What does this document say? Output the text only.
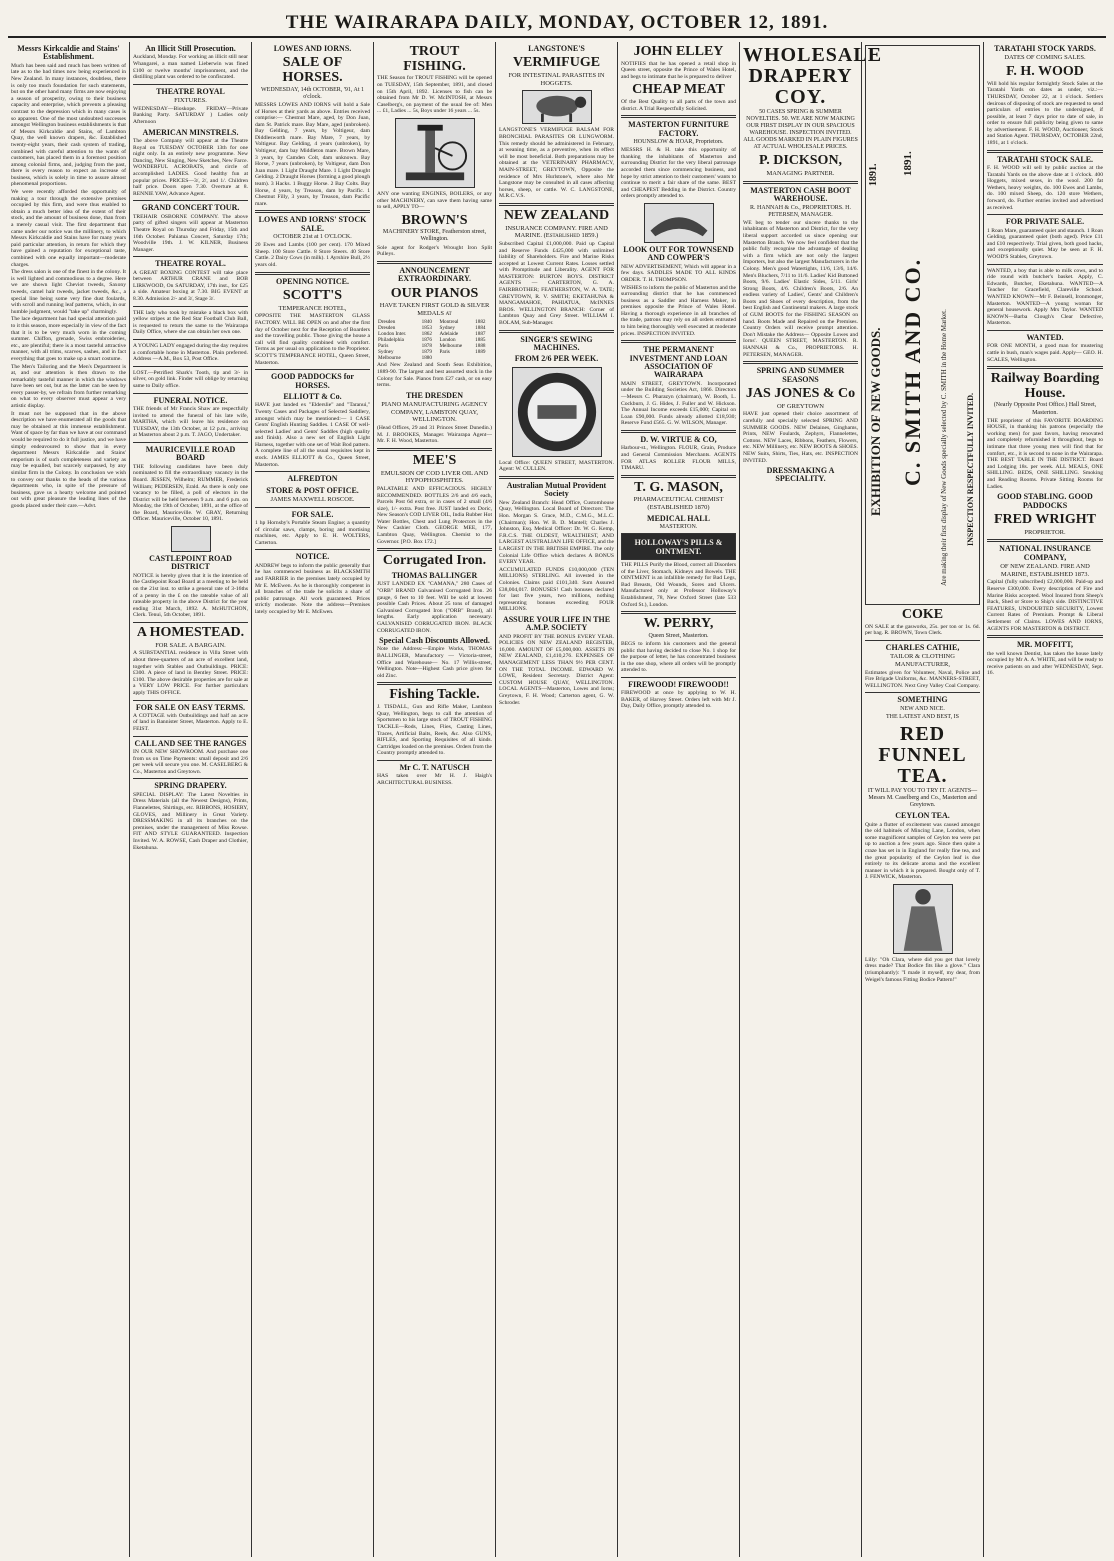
THE WAIRARAPA DAILY, MONDAY, OCTOBER 12, 1891.
Messrs Kirkcaldie and Stains' Establishment.

Much has been said and much has been written of late as to the bad times now being experienced in New Zealand. In many instances, doubtless, there is only too much foundation for such statements, but on the other hand many firms are now enjoying a season of prosperity, owing to their business capacity and enterprise, which prevents a pleasing contrast to the depression which in many cases is so apparent. One of the most undoubted successes amongst Wellington business establishments is that of Messrs Kirkcaldie and Stains, of Lambton Quay, the well known drapers, &c. Established twenty-eight years, their cash system of trading, combined with careful attention to the wants of customers, has placed them in a foremost position among colonial firms, and, judging from the past, there is every reason to expect an increase of business, which is solely in time to assure almost phenomenal proportions.

We were recently afforded the opportunity of making a tour through the extensive premises occupied by this firm, and were thus enabled to obtain a much better idea of the extent of their stock, and the amount of business done, than from a merely casual visit. The first department that came under our notice was the millinery, to which Messrs Kirkcaldie and Stains have for many years paid particular attention, in return for which they have gained a reputation for exceptional taste, combined with one equally important—moderate charges.

The dress salon is one of the finest in the colony. It is well lighted and commodious to a degree. Here we are shown light Cheviot tweeds, Saxony tweeds, camel hair tweeds, jacket tweeds, &c., a special line being some very fine dust foulards, with scroll and running leaf patterns, which, in our humble judgment, would "take up" charmingly.

The lace department has had special attention paid to it this season, more especially in view of the fact that it is to be very much worn in the coming summer. Chiffon, grenade, Swiss embroideries, etc., are plentiful; there is a most tasteful attractive manner, with all trims, scarves, sashes, and in fact everything that goes to make up a smart costume.

The Men's Tailoring and the Men's Department is at, and our attention is then drawn to the remarkably tasteful manner in which the windows have been set out, but as the latter can be seen by every passer-by, we refrain from further remarking on what to every observer must appear a very artistic display.

It must not be supposed that in the above description we have enumerated all the goods that may be obtained at this immense establishment. Want of space by far than we have at our command would be required to do it full justice, and we have simply endeavoured to show that in every department Messrs Kirkcaldie and Stains' emporium is of such completeness and variety as may be equalled, but scarcely surpassed, by any similar firm in the Colony. In conclusion we wish to convey our thanks to the heads of the various departments who, in spite of the pressure of business, gave us a hearty welcome and pointed out with great pleasure the leading lines of the goods placed under their care.—Advt.

An Illicit Still Prosecution.

Auckland, Monday. For working an illicit still near Whangarei, a man named Lieberwin was fined £100 or twelve months' imprisonment, and the distilling plant was ordered to be confiscated.

THEATRE ROYAL
FIXTURES.

WEDNESDAY—Bioskope. FRIDAY—Private Banking Party. SATURDAY } Ladies only Afternoon

AMERICAN MINSTRELS.

The above Company will appear at the Theatre Royal on TUESDAY OCTOBER 13th for one night only. In an entirely new programme. New Dancing, New Singing, New Sketches, New Farce. WONDERFUL ACROBATS, and circle of accomplished LADIES. Good healthy fun at popular prices. PRICES—3/, 2/, and 1/. Children half price. Doors open 7.30. Overture at 8. RENNIE YAW, Advance Agent.

GRAND CONCERT TOUR.

TREHAIR OSBORNE COMPANY. The above party of gifted singers will appear at Masterton Theatre Royal on Thursday and Friday, 15th and 16th October. Pahiatua Concert, Saturday 17th; Woodville 19th. J. W. KILNER, Business Manager.

THEATRE ROYAL.

A GREAT BOXING CONTEST will take place between ARTHUR CRANE and BOB LIRKWOOD, On SATURDAY, 17th inst., for £25 a side. Amateur boxing at 7.30. BIG EVENT at 8.30. Admission 2/- and 3/, Stage 3/.

THE lady who took by mistake a black box with yellow stripes at the Red Star Football Club Ball, is requested to return the same to the Wairarapa Daily Office, where she can obtain her own one.

A YOUNG LADY engaged during the day requires a comfortable home in Masterton. Plain preferred. Address —A.M., Box 53, Post Office.

LOST.—Petrified Shark's Tooth, tip and 3/- in silver, on gold link. Finder will oblige by returning same to Daily office.

FUNERAL NOTICE.

THE friends of Mr Francis Shaw are respectfully invited to attend the funeral of his late wife, MARTHA, which will leave his residence on TUESDAY, the 13th October, at 12 p.m., arriving at Masterton about 2 p.m. T. JAGO, Undertaker.

MAURICEVILLE ROAD BOARD

THE following candidates have been duly nominated to fill the extraordinary vacancy in the Board. JESSEN, Wilhelm; RUMMER, Frederick William; PEDERSEN, Erald. As there is only one vacancy to be filled, a poll of electors in the District will be held between 9 a.m. and 6 p.m. on Monday, the 19th of October, 1891, at the office of the Board, Mauriceville. W. GRAY, Returning Officer. Mauriceville, October 10, 1891.

CASTLEPOINT ROAD DISTRICT

NOTICE is hereby given that it is the intention of the Castlepoint Road Board at a meeting to be held on the 21st inst. to strike a general rate of 3-16ths of a penny in the £ on the rateable value of all rateable property in the above District for the year ending 31st March, 1892. A. McHUTCHON, Clerk. Tenui, 5th October, 1891.

A HOMESTEAD.
FOR SALE. A BARGAIN.

A SUBSTANTIAL residence in Villa Street with about three-quarters of an acre of excellent land, together with Stables and Outbuildings. PRICE: £300. A piece of land in Bentley Street. PRICE: £100. The above desirable properties are for sale at a VERY LOW PRICE. For further particulars apply THIS OFFICE.

FOR SALE ON EASY TERMS.

A COTTAGE with Outbuildings and half an acre of land in Bannister Street, Masterton. Apply to E. FEIST.

CALL AND SEE THE RANGES

IN OUR NEW SHOWROOM. And purchase one from us on Time Payments: small deposit and 2/6 per week will secure you one. M. CASELBERG & Co., Masterton and Greytown.

SPRING DRAPERY.

SPECIAL DISPLAY: The Latest Novelties in Dress Materials (all the Newest Designs), Prints, Flannelettes, Shirtings, etc. RIBBONS, HOSIERY, GLOVES, and Millinery in Great Variety. DRESSMAKING in all its branches on the premises, under the management of Miss Rowse. FIT AND STYLE GUARANTEED. Inspection Invited. W. A. ROWSE, Cash Draper and Clothier, Eketahuna.

LOWES AND IORNS.
SALE OF HORSES.
WEDNESDAY, 14th OCTOBER, '91, At 1 o'clock.

MESSRS LOWES AND IORNS will hold a Sale of Horses at their yards as above. Entries received comprise:— Chestnut Mare, aged, by Don Juan, dam St. Patrick mare. Bay Mare, aged (unbroken). Bay Gelding, 7 years, by Voltigeur, dam Diddlesworth mare. Bay Mare, 7 years, by Voltigeur. Bay Gelding, 4 years (unbroken), by Voltigeur, dam bay Middleton mare. Brown Mare, 3 years, by Camden Colt, dam unknown. Bay Horse, 7 years (unbroken), by Voltigeur, dam Don Juan mare. 1 Light Draught Mare. 1 Light Draught Gelding. 2 Draught Horses (forming a good plough team). 3 Hacks. 1 Buggy Horse. 2 Bay Colts. Bay Horse, 4 years, by Treason, dam by Pacific. 1 Chestnut Filly, 3 years, by Treason, dam Pacific mare.

LOWES AND IORNS' STOCK SALE.
OCTOBER 21st at 1 O'CLOCK.

20 Ewes and Lambs (100 per cent). 170 Mixed Sheep. 100 Store Cattle. 8 Store Steers. 40 Store Cattle. 2 Dairy Cows (in milk). 1 Ayrshire Bull, 2½ years old.

OPENING NOTICE.
SCOTT'S
TEMPERANCE HOTEL,

OPPOSITE THE MASTERTON GLASS FACTORY. WILL BE OPEN on and after the first day of October next for the Reception of Boarders and the travelling public. Those giving the house a call will find quality combined with comfort. Terms as per usual on application to the Proprietor. SCOTT'S TEMPERANCE HOTEL, Queen Street, Masterton.

GOOD PADDOCKS for HORSES.
ELLIOTT & Co.

HAVE just landed ex "Elderslie" and "Taranui," Twenty Cases and Packages of Selected Saddlery, amongst which may be mentioned:— 1 CASE Gents' English Hunting Saddles. 1 CASE Of well-selected Ladies' and Gents' Saddles (high quality and finish). Also a new set of English Light Harness, together with one set of Wait Bod pattern. A complete line of all the usual requisites kept in stock. JAMES ELLIOTT & Co., Queen Street, Masterton.

ALFREDTON
STORE & POST OFFICE.
JAMES MAXWELL ROSCOE.
FOR SALE.

1 hp Hornsby's Portable Steam Engine; a quantity of circular saws, clamps, boring and mortising machines, etc. Apply to E. H. WOLTERS, Carterton.

NOTICE.

ANDREW begs to inform the public generally that he has commenced business as BLACKSMITH and FARRIER in the premises lately occupied by Mr E. McEwen. As he is thoroughly competent in all branches of the trade he solicits a share of public patronage. All work guaranteed. Prices strictly moderate. Note the address—Premises lately occupied by Mr E. McEwen.

TROUT FISHING.

THE Season for TROUT FISHING will be opened on TUESDAY, 15th September, 1891, and closed on 15th April, 1892. Licenses to fish can be obtained from Mr D. W. McINTOSH, at Messrs Caselberg's, on payment of the usual fee of: Men ... £1, Ladies ... 5s, Boys under 16 years ... 5s.

ANY one wanting ENGINES, BOILERS, or any other MACHINERY, can save them having same to sell, APPLY TO—

BROWN'S
MACHINERY STORE, Featherston street, Wellington.

Sole agent for Rodger's Wrought Iron Split Pulleys.

ANNOUNCEMENT EXTRAORDINARY.
OUR PIANOS
HAVE TAKEN FIRST GOLD & SILVER MEDALS at
Dresden	1840	Montreal	1882
Dresden	1853	Sydney	1884
London Inter.	1862	Adelaide	1887
Philadelphia	1876	London	1885
Paris	1878	Melbourne	1888
Sydney	1879	Paris	1889
Melbourne	1880		

And New Zealand and South Seas Exhibition, 1889-90. The largest and best assorted stock in the Colony for Sale. Pianos from £27 cash, or on easy terms.

THE DRESDEN
PIANO MANUFACTURING AGENCY COMPANY, LAMBTON QUAY, WELLINGTON.

(Head Offices, 29 and 31 Princes Street Dunedin.) M. J. BROOKES, Manager. Wairarapa Agent—Mr. F. H. Wood, Masterton.

MEE'S
EMULSION OF COD LIVER OIL AND HYPOPHOSPHITES.

PALATABLE AND EFFICACIOUS. HIGHLY RECOMMENDED. BOTTLES 2/6 and 4/6 each, Parcels Post 6d extra, or in cases of 2 small (4/6 size), 1/- extra. Post free. JUST landed ex Doric, New Season's COD LIVER OIL, India Rubber Hot Water Bottles, Chest and Lung Protectors in the New Cashier Cloth. GEORGE MEE, 177, Lambton Quay, Wellington. Chemist to the Governor. [P.O. Box 172.]

Corrugated Iron.
THOMAS BALLINGER

JUST LANDED EX "CAMANA," 280 Cases of "ORB" BRAND Galvanised Corrugated Iron. 26 gauge, 6 feet to 10 feet. Will be sold at lowest possible Cash Prices. About 25 tons of damaged Galvanised Corrugated Iron ("ORB" Brand), all lengths. Early application necessary. GALVANISED CORRUGATED IRON. BLACK CORRUGATED IRON.

Special Cash Discounts Allowed.

Note the Address:—Empire Works, THOMAS BALLINGER, Manufactory — Victoria-street, Office and Warehouse— No. 17 Willis-street, Wellington. Note—Highest Cash price given for old Zinc.

Fishing Tackle.

J. TISDALL, Gun and Rifle Maker, Lambton Quay, Wellington, begs to call the attention of Sportsmen to his large stock of TROUT FISHING TACKLE—Rods, Lines, Flies, Casting Lines, Traces, Artificial Baits, Reels, &c. Also GUNS, RIFLES, and Sporting Requisites of all kinds. Cartridges loaded on the premises. Orders from the Country promptly attended to.

Mr C. T. NATUSCH

HAS taken over Mr H. J. Haigh's ARCHITECTURAL BUSINESS.

LANGSTONE'S
VERMIFUGE
FOR INTESTINAL PARASITES IN HOGGETS.

LANGSTONE'S VERMIFUGE BALSAM FOR BRONCHIAL PARASITES OR LUNGWORM. This remedy should be administered in February, at weaning time, as a preventive, when its effect will be most beneficial. Both preparations may be obtained at the VETERINARY PHARMACY, MAIN-STREET, GREYTOWN, Opposite the residence of Mrs Hurlstone's, where also Mr Langstone may be consulted in all cases affecting horses, sheep, or cattle. W. C. LANGSTONE, M.R.C.V.S.

NEW ZEALAND
INSURANCE COMPANY. FIRE AND MARINE. (Established 1859.)

Subscribed Capital £1,000,000. Paid up Capital and Reserve Funds £425,000 with unlimited liability of Shareholders. Fire and Marine Risks accepted at Lowest Current Rates. Losses settled with Promptitude and Liberality. AGENT FOR MASTERTON: BURTON BOYS. DISTRICT AGENTS — CARTERTON, G. A. FAIRBROTHER; FEATHERSTON, W. A. TATE; GREYTOWN, R. V. SMITH; EKETAHUNA & MANGAMAHOE, PAHIATUA, McINNES BROS. WELLINGTON BRANCH: Corner of Lambton Quay and Grey Street. WILLIAM I. BOLAM, Sub-Manager.

SINGER'S SEWING MACHINES.
FROM 2/6 PER WEEK.

Local Office: QUEEN STREET, MASTERTON. Agent: W. CULLEN.

Australian Mutual Provident Society

New Zealand Branch: Head Office, Customhouse Quay, Wellington. Local Board of Directors: The Hon. Morgan S. Grace, M.D., C.M.G., M.L.C. (Chairman); Hon. W. B. D. Mantell; Charles J. Johnston, Esq. Medical Officer: Dr. W. G. Kemp, F.R.C.S. THE OLDEST, WEALTHIEST, AND LARGEST AUSTRALIAN LIFE OFFICE, and the LARGEST IN THE BRITISH EMPIRE. The only Colonial Life Office which declares A BONUS EVERY YEAR.

ACCUMULATED FUNDS £10,000,000 (TEN MILLIONS) STERLING. All invested in the Colonies. Claims paid £101,340. Sum Assured £38,004,017. BONUSES! Cash bonuses declared for last five years, two millions, nothing representing bonuses exceeding FOUR MILLIONS.

ASSURE YOUR LIFE IN THE A.M.P. SOCIETY

AND PROFIT BY THE BONUS EVERY YEAR. POLICIES ON NEW ZEALAND REGISTER, 16,000. AMOUNT OF £5,000,000. ASSETS IN NEW ZEALAND, £1,410,276. EXPENSES OF MANAGEMENT LESS THAN 9½ PER CENT. ON THE TOTAL INCOME. EDWARD W. LOWE, Resident Secretary. District Agent: CUSTOM HOUSE QUAY, WELLINGTON. LOCAL AGENTS—Masterton, Lowes and Iorns; Greytown, F. H. Wood; Carterton agent, G. W. Schroder.

JOHN ELLEY

NOTIFIES that he has opened a retail shop in Queen street, opposite the Prince of Wales Hotel, and begs to intimate that he is prepared to deliver

CHEAP MEAT

Of the Best Quality to all parts of the town and district. A Trial Respectfully Solicited.

MASTERTON FURNITURE FACTORY.
HOUNSLOW & HOAR, Proprietors.

MESSRS H. & H. take this opportunity of thanking the inhabitants of Masterton and surrounding District for the very liberal patronage accorded them since commencing business, and hope by strict attention to their customers' wants to continue to merit a fair share of the same. BEST and CHEAPEST Bedding in the District. Country orders promptly attended to.

LOOK OUT FOR TOWNSEND AND COWPER'S

NEW ADVERTISEMENT, Which will appear in a few days. SADDLES MADE TO ALL KINDS ORDER. T. H. THOMPSON.

WISHES to inform the public of Masterton and the surrounding district that he has commenced business as a Saddler and Harness Maker, in premises opposite the Prince of Wales Hotel. Having a thorough experience in all branches of the trade, patrons may rely on all orders entrusted to him being thoroughly well executed at moderate prices. INSPECTION INVITED.

THE PERMANENT INVESTMENT AND LOAN ASSOCIATION OF WAIRARAPA

MAIN STREET, GREYTOWN. Incorporated under the Building Societies Act, 1866. Directors—Messrs C. Pharazyn (chairman), W. Booth, L. Cockburn, J. G. Hides, J. Fuller and W. Hickson. The Annual Income exceeds £15,000; Capital on Loan £90,000. Funds already allotted £18,930; Reserve Fund £565. G. W. WILSON, Manager.

D. W. VIRTUE & CO,

Harbour-st., Wellington. FLOUR, Grain, Produce and General Commission Merchants. AGENTS FOR ATLAS ROLLER FLOUR MILLS, TIMARU.

T. G. MASON,
PHARMACEUTICAL CHEMIST (ESTABLISHED 1870)
MEDICAL HALL
MASTERTON.
HOLLOWAY'S PILLS & OINTMENT.

THE PILLS Purify the Blood, correct all Disorders of the Liver, Stomach, Kidneys and Bowels. THE OINTMENT is an infallible remedy for Bad Legs, Bad Breasts, Old Wounds, Sores and Ulcers. Manufactured only at Professor Holloway's Establishment, 78, New Oxford Street (late 533 Oxford St.), London.

W. PERRY,
Queen Street, Masterton.

BEGS to inform his customers and the general public that having decided to close No. 1 shop for the purpose of letter, he has concentrated business in the one shop, where all orders will be promptly attended to.

FIREWOOD! FIREWOOD!!

FIREWOOD at once by applying to W. H. BAKER, of Harvey Street. Orders left with Mr J. Day, Daily Office, promptly attended to.

WHOLESALE DRAPERY COY.

50 CASES SPRING & SUMMER NOVELTIES. 50. WE ARE NOW MAKING OUR FIRST DISPLAY IN OUR SPACIOUS WAREHOUSE. INSPECTION INVITED. ALL GOODS MARKED IN PLAIN FIGURES AT ACTUAL WHOLESALE PRICES.

P. DICKSON,
MANAGING PARTNER.
MASTERTON CASH BOOT WAREHOUSE.
R. HANNAH & Co., PROPRIETORS. H. PETERSEN, MANAGER.

WE beg to tender our sincere thanks to the inhabitants of Masterton and District, for the very liberal support accorded us since opening our Masterton Branch. We now feel confident that the public fully recognise the advantage of dealing with a firm which are not only the largest Importers, but also the largest Manufacturers in the Colony. Men's good Watertights, 11/6, 13/6, 14/6. Men's Bluchers, 7/11 to 11/6. Ladies' Kid Buttoned Boots, 9/6. Ladies' Elastic Sides, 5/11. Girls' Strong Boots, 4/6. Children's Boots, 2/6. An endless variety of Ladies', Gents' and Children's Boots and Shoes of every description, from the best English and Continental makers. A large stock of GUM BOOTS for the FISHING SEASON on hand. Boots Made and Repaired on the Premises. Country Orders will receive prompt attention. Don't Mistake the Address— Opposite Lowes and Iorns'. QUEEN STREET, MASTERTON. R. HANNAH & Co., PROPRIETORS. H. PETERSEN, MANAGER.

SPRING AND SUMMER SEASONS
JAS JONES & Co
OF GREYTOWN

HAVE just opened their choice assortment of carefully and specially selected SPRING AND SUMMER GOODS. NEW Delaines, Ginghams, Prints, NEW Foulards, Zephyrs, Flannelettes, Cottons. NEW Laces, Ribbons, Feathers, Flowers, etc. NEW Millinery, etc. NEW BOOTS & SHOES. NEW Suits, Shirts, Ties, Hats, etc. INSPECTION INVITED.

DRESSMAKING A SPECIALITY.
1891.
EXHIBITION OF NEW GOODS.
1891.
C. SMITH AND CO. Are making their first display of New Goods specially selected by C. SMITH in the Home Market. INSPECTION RESPECTFULLY INVITED.
COKE

ON SALE at the gasworks, 25s. per ton or 1s. 6d. per bag. R. BROWN, Town Clerk.

CHARLES CATHIE,
TAILOR & CLOTHING MANUFACTURER,

Estimates given for Volunteer, Naval, Police and Fire Brigade Uniforms, &c. MANNERS-STREET, WELLINGTON. Next Grey Valley Coal Company.

SOMETHING
NEW AND NICE.

THE LATEST AND BEST, IS

RED FUNNEL TEA.

IT WILL PAY YOU TO TRY IT. AGENTS—Messrs M. Caselberg and Co., Masterton and Greytown.

CEYLON TEA.

Quite a flutter of excitement was caused amongst the old habitués of Mincing Lane, London, when some magnificent samples of Ceylon tea were put up to auction a few years ago. Since then quite a craze has set in in England for really fine tea, and the great popularity of the Ceylon leaf is due entirely to its delicate aroma and the excellent manner in which it is prepared. Bought only of T. J. FENWICK, Masterton.

Lilly: "Oh Clara, where did you get that lovely dress made? That Bodice fits like a glove." Clara (triumphantly): "I made it myself, my dear, from Weigel's famous Fitting Bodice Pattern!"

TARATAHI STOCK YARDS.
DATES OF COMING SALES.
F. H. WOOD

Will hold his regular fortnightly Stock Sales at the Taratahi Yards on dates as under, viz.:— THURSDAY, October 22, at 1 o'clock. Settlers desirous of disposing of stock are requested to send particulars of entries to the undersigned, if possible, at least 7 days prior to date of sale, in order to ensure full publicity being given to same by advertisement. F. H. WOOD, Auctioneer, Stock and Station Agent. THURSDAY, OCTOBER 22nd, 1891, at 1 o'clock.

TARATAHI STOCK SALE.

F. H. WOOD will sell by public auction at the Taratahi Yards on the above date at 1 o'clock. 400 Hoggets, mixed sexes, in the wool. 200 fat Wethers, heavy weights, do. 100 Ewes and Lambs, do. 100 mixed Sheep, do. 120 store Wethers, forward, do. Further entries invited and advertised as received.

FOR PRIVATE SALE.

1 Roan Mare, guaranteed quiet and staunch. 1 Roan Gelding, guaranteed quiet (both aged). Price £11 and £10 respectively. Trial given, both good hacks, and exceptionally quiet. May be seen at F. H. WOOD'S Stables, Greytown.

WANTED, a boy that is able to milk cows, and to ride round with butcher's basket. Apply, C. Edwards, Butcher, Eketahuna. WANTED—A Teacher for Gracefield, Clareville School. WANTED KNOWN—Mr F. Beinsell, Ironmonger, Masterton. WANTED—A young woman for general housework. Apply Mrs Taylor. WANTED KNOWN—Barba Clough's Clear Defective, Masterton.

WANTED.

FOR ONE MONTH, a good man for mustering cattle in bush, man's wages paid. Apply— GEO. H. SCALES, Wellington.

Railway Boarding House.
(Nearly Opposite Post Office.) Hall Street, Masterton.

THE proprietor of this FAVORITE BOARDING HOUSE, in thanking his patrons (especially the working men) for past favors, having renovated and completely refurnished it throughout, begs to intimate that three young men will find that for comfort, etc., it is second to none in the Wairarapa. THE BEST TABLE IN THE DISTRICT. Board and Lodging 18s. per week. ALL MEALS, ONE SHILLING. BEDS, ONE SHILLING. Smoking and Reading Rooms. Private Sitting Rooms for Ladies.

GOOD STABLING. GOOD PADDOCKS
FRED WRIGHT
PROPRIETOR.
NATIONAL INSURANCE COMPANY,
OF NEW ZEALAND. FIRE AND MARINE, ESTABLISHED 1873.

Capital (fully subscribed) £2,000,000. Paid-up and Reserve £300,000. Every description of Fire and Marine Risks accepted. Wool Insured from Sheep's Back, Shed or Store to Ship's side. DISTINCTIVE FEATURES, UNDOUBTED SECURITY, Lowest Current Rates of Premium. Prompt & Liberal Settlement of Claims. LOWES AND IORNS, AGENTS FOR MASTERTON & DISTRICT.

MR. MOFFITT,

the well known Dentist, has taken the house lately occupied by Mr A. A. WHITE, and will be ready to receive patients on and after WEDNESDAY, Sept. 16.
